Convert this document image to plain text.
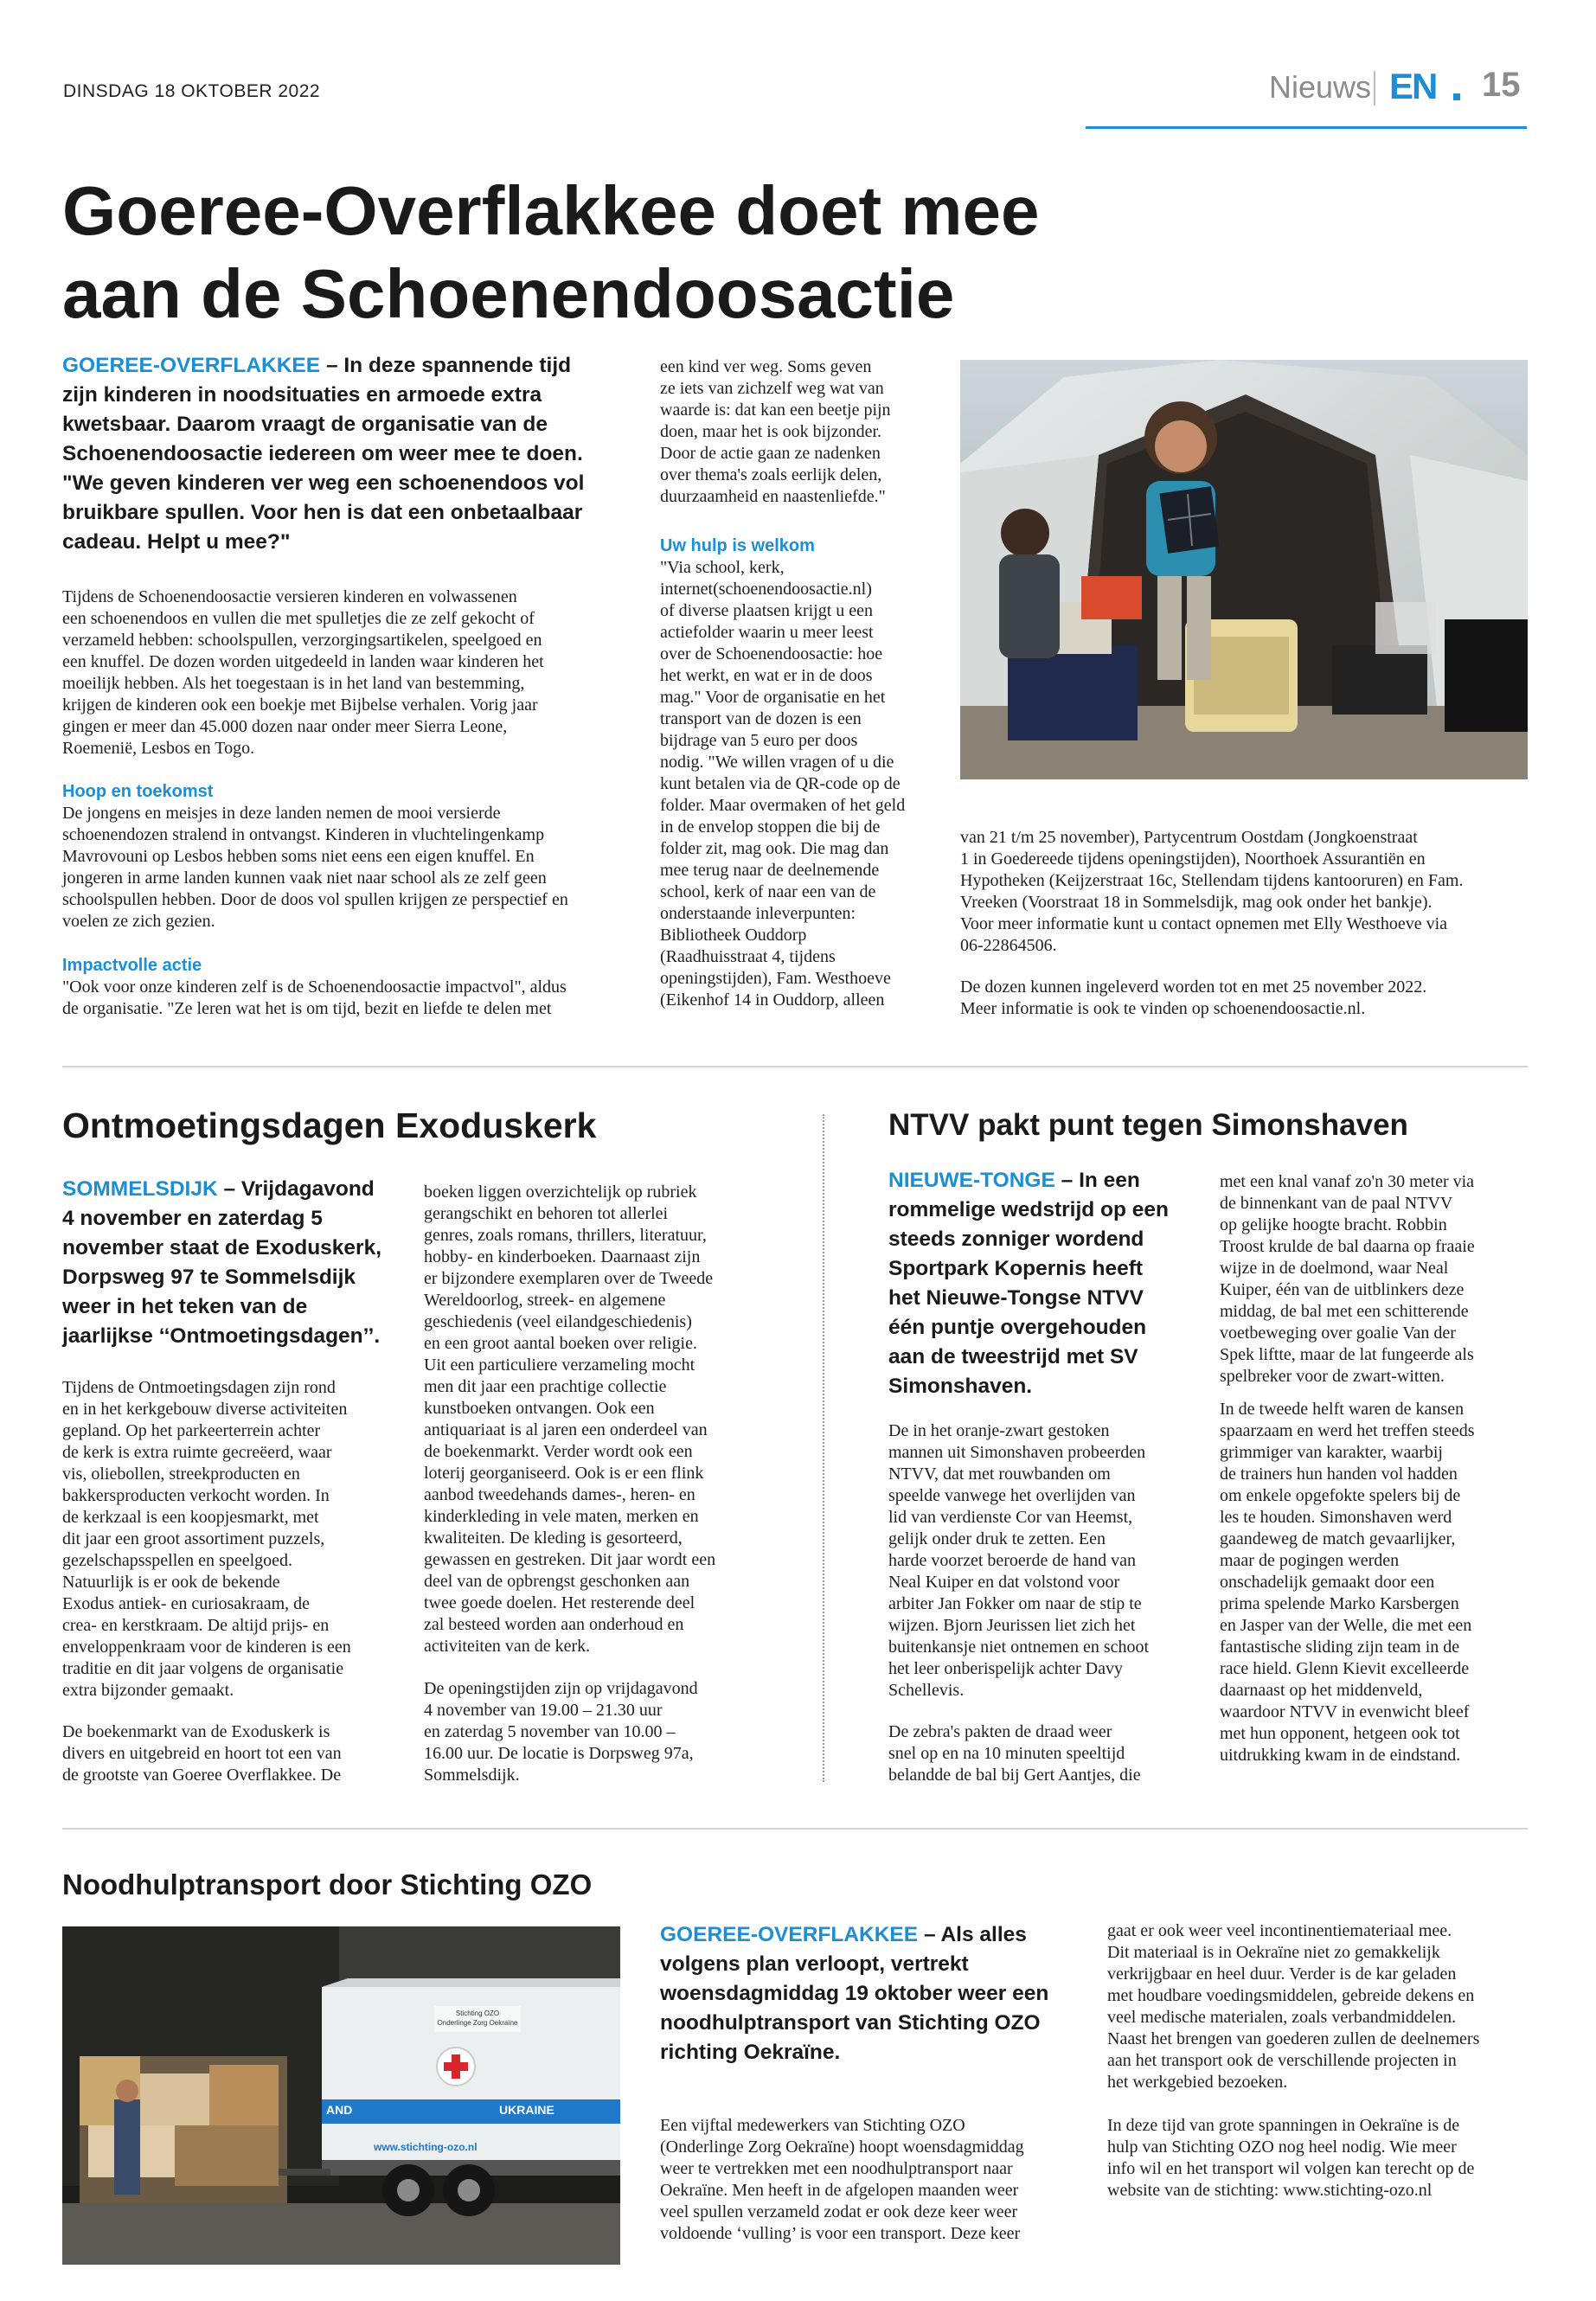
DINSDAG 18 OKTOBER 2022	Nieuws EN 15
Goeree-Overflakkee doet mee
aan de Schoenendoosactie
GOEREE-OVERFLAKKEE – In deze spannende tijd
zijn kinderen in noodsituaties en armoede extra
kwetsbaar. Daarom vraagt de organisatie van de
Schoenendoosactie iedereen om weer mee te doen.
"We geven kinderen ver weg een schoenendoos vol
bruikbare spullen. Voor hen is dat een onbetaalbaar
cadeau. Helpt u mee?"
Tijdens de Schoenendoosactie versieren kinderen en volwassenen
een schoenendoos en vullen die met spulletjes die ze zelf gekocht of
verzameld hebben: schoolspullen, verzorgingsartikelen, speelgoed en
een knuffel. De dozen worden uitgedeeld in landen waar kinderen het
moeilijk hebben. Als het toegestaan is in het land van bestemming,
krijgen de kinderen ook een boekje met Bijbelse verhalen. Vorig jaar
gingen er meer dan 45.000 dozen naar onder meer Sierra Leone,
Roemenië, Lesbos en Togo.
Hoop en toekomst
De jongens en meisjes in deze landen nemen de mooi versierde
schoenendozen stralend in ontvangst. Kinderen in vluchtelingenkamp
Mavrovouni op Lesbos hebben soms niet eens een eigen knuffel. En
jongeren in arme landen kunnen vaak niet naar school als ze zelf geen
schoolspullen hebben. Door de doos vol spullen krijgen ze perspectief en
voelen ze zich gezien.
Impactvolle actie
"Ook voor onze kinderen zelf is de Schoenendoosactie impactvol", aldus
de organisatie. "Ze leren wat het is om tijd, bezit en liefde te delen met
een kind ver weg. Soms geven
ze iets van zichzelf weg wat van
waarde is: dat kan een beetje pijn
doen, maar het is ook bijzonder.
Door de actie gaan ze nadenken
over thema's zoals eerlijk delen,
duurzaamheid en naastenliefde."
Uw hulp is welkom
"Via school, kerk,
internet(schoenendoosactie.nl)
of diverse plaatsen krijgt u een
actiefolder waarin u meer leest
over de Schoenendoosactie: hoe
het werkt, en wat er in de doos
mag." Voor de organisatie en het
transport van de dozen is een
bijdrage van 5 euro per doos
nodig. "We willen vragen of u die
kunt betalen via de QR-code op de
folder. Maar overmaken of het geld
in de envelop stoppen die bij de
folder zit, mag ook. Die mag dan
mee terug naar de deelnemende
school, kerk of naar een van de
onderstaande inleverpunten:
Bibliotheek Ouddorp
(Raadhuisstraat 4, tijdens
openingstijden), Fam. Westhoeve
(Eikenhof 14 in Ouddorp, alleen
van 21 t/m 25 november), Partycentrum Oostdam (Jongkoenstraat
1 in Goedereede tijdens openingstijden), Noorthoek Assurantiën en
Hypotheken (Keijzerstraat 16c, Stellendam tijdens kantooruren) en Fam.
Vreeken (Voorstraat 18 in Sommelsdijk, mag ook onder het bankje).
Voor meer informatie kunt u contact opnemen met Elly Westhoeve via
06-22864506.
De dozen kunnen ingeleverd worden tot en met 25 november 2022.
Meer informatie is ook te vinden op schoenendoosactie.nl.
Ontmoetingsdagen Exoduskerk
SOMMELSDIJK – Vrijdagavond
4 november en zaterdag 5
november staat de Exoduskerk,
Dorpsweg 97 te Sommelsdijk
weer in het teken van de
jaarlijkse ‘‘Ontmoetingsdagen’’.
Tijdens de Ontmoetingsdagen zijn rond
en in het kerkgebouw diverse activiteiten
gepland. Op het parkeerterrein achter
de kerk is extra ruimte gecreëerd, waar
vis, oliebollen, streekproducten en
bakkersproducten verkocht worden. In
de kerkzaal is een koopjesmarkt, met
dit jaar een groot assortiment puzzels,
gezelschapsspellen en speelgoed.
Natuurlijk is er ook de bekende
Exodus antiek- en curiosakraam, de
crea- en kerstkraam. De altijd prijs- en
enveloppenkraam voor de kinderen is een
traditie en dit jaar volgens de organisatie
extra bijzonder gemaakt.
De boekenmarkt van de Exoduskerk is
divers en uitgebreid en hoort tot een van
de grootste van Goeree Overflakkee. De
boeken liggen overzichtelijk op rubriek
gerangschikt en behoren tot allerlei
genres, zoals romans, thrillers, literatuur,
hobby- en kinderboeken. Daarnaast zijn
er bijzondere exemplaren over de Tweede
Wereldoorlog, streek- en algemene
geschiedenis (veel eilandgeschiedenis)
en een groot aantal boeken over religie.
Uit een particuliere verzameling mocht
men dit jaar een prachtige collectie
kunstboeken ontvangen. Ook een
antiquariaat is al jaren een onderdeel van
de boekenmarkt. Verder wordt ook een
loterij georganiseerd. Ook is er een flink
aanbod tweedehands dames-, heren- en
kinderkleding in vele maten, merken en
kwaliteiten. De kleding is gesorteerd,
gewassen en gestreken. Dit jaar wordt een
deel van de opbrengst geschonken aan
twee goede doelen. Het resterende deel
zal besteed worden aan onderhoud en
activiteiten van de kerk.
De openingstijden zijn op vrijdagavond
4 november van 19.00 – 21.30 uur
en zaterdag 5 november van 10.00 –
16.00 uur. De locatie is Dorpsweg 97a,
Sommelsdijk.
NTVV pakt punt tegen Simonshaven
NIEUWE-TONGE – In een
rommelige wedstrijd op een
steeds zonniger wordend
Sportpark Kopernis heeft
het Nieuwe-Tongse NTVV
één puntje overgehouden
aan de tweestrijd met SV
Simonshaven.
De in het oranje-zwart gestoken
mannen uit Simonshaven probeerden
NTVV, dat met rouwbanden om
speelde vanwege het overlijden van
lid van verdienste Cor van Heemst,
gelijk onder druk te zetten. Een
harde voorzet beroerde de hand van
Neal Kuiper en dat volstond voor
arbiter Jan Fokker om naar de stip te
wijzen. Bjorn Jeurissen liet zich het
buitenkansje niet ontnemen en schoot
het leer onberispelijk achter Davy
Schellevis.
De zebra's pakten de draad weer
snel op en na 10 minuten speeltijd
belandde de bal bij Gert Aantjes, die
met een knal vanaf zo'n 30 meter via
de binnenkant van de paal NTVV
op gelijke hoogte bracht. Robbin
Troost krulde de bal daarna op fraaie
wijze in de doelmond, waar Neal
Kuiper, één van de uitblinkers deze
middag, de bal met een schitterende
voetbeweging over goalie Van der
Spek liftte, maar de lat fungeerde als
spelbreker voor de zwart-witten.
In de tweede helft waren de kansen
spaarzaam en werd het treffen steeds
grimmiger van karakter, waarbij
de trainers hun handen vol hadden
om enkele opgefokte spelers bij de
les te houden. Simonshaven werd
gaandeweg de match gevaarlijker,
maar de pogingen werden
onschadelijk gemaakt door een
prima spelende Marko Karsbergen
en Jasper van der Welle, die met een
fantastische sliding zijn team in de
race hield. Glenn Kievit excelleerde
daarnaast op het middenveld,
waardoor NTVV in evenwicht bleef
met hun opponent, hetgeen ook tot
uitdrukking kwam in de eindstand.
Noodhulptransport door Stichting OZO
Stichting OZO
Onderlinge Zorg Oekraïne
AND	UKRAINE
www.stichting-ozo.nl
GOEREE-OVERFLAKKEE – Als alles
volgens plan verloopt, vertrekt
woensdagmiddag 19 oktober weer een
noodhulptransport van Stichting OZO
richting Oekraïne.
Een vijftal medewerkers van Stichting OZO
(Onderlinge Zorg Oekraïne) hoopt woensdagmiddag
weer te vertrekken met een noodhulptransport naar
Oekraïne. Men heeft in de afgelopen maanden weer
veel spullen verzameld zodat er ook deze keer weer
voldoende ‘vulling’ is voor een transport. Deze keer
gaat er ook weer veel incontinentiemateriaal mee.
Dit materiaal is in Oekraïne niet zo gemakkelijk
verkrijgbaar en heel duur. Verder is de kar geladen
met houdbare voedingsmiddelen, gebreide dekens en
veel medische materialen, zoals verbandmiddelen.
Naast het brengen van goederen zullen de deelnemers
aan het transport ook de verschillende projecten in
het werkgebied bezoeken.
In deze tijd van grote spanningen in Oekraïne is de
hulp van Stichting OZO nog heel nodig. Wie meer
info wil en het transport wil volgen kan terecht op de
website van de stichting: www.stichting-ozo.nl
